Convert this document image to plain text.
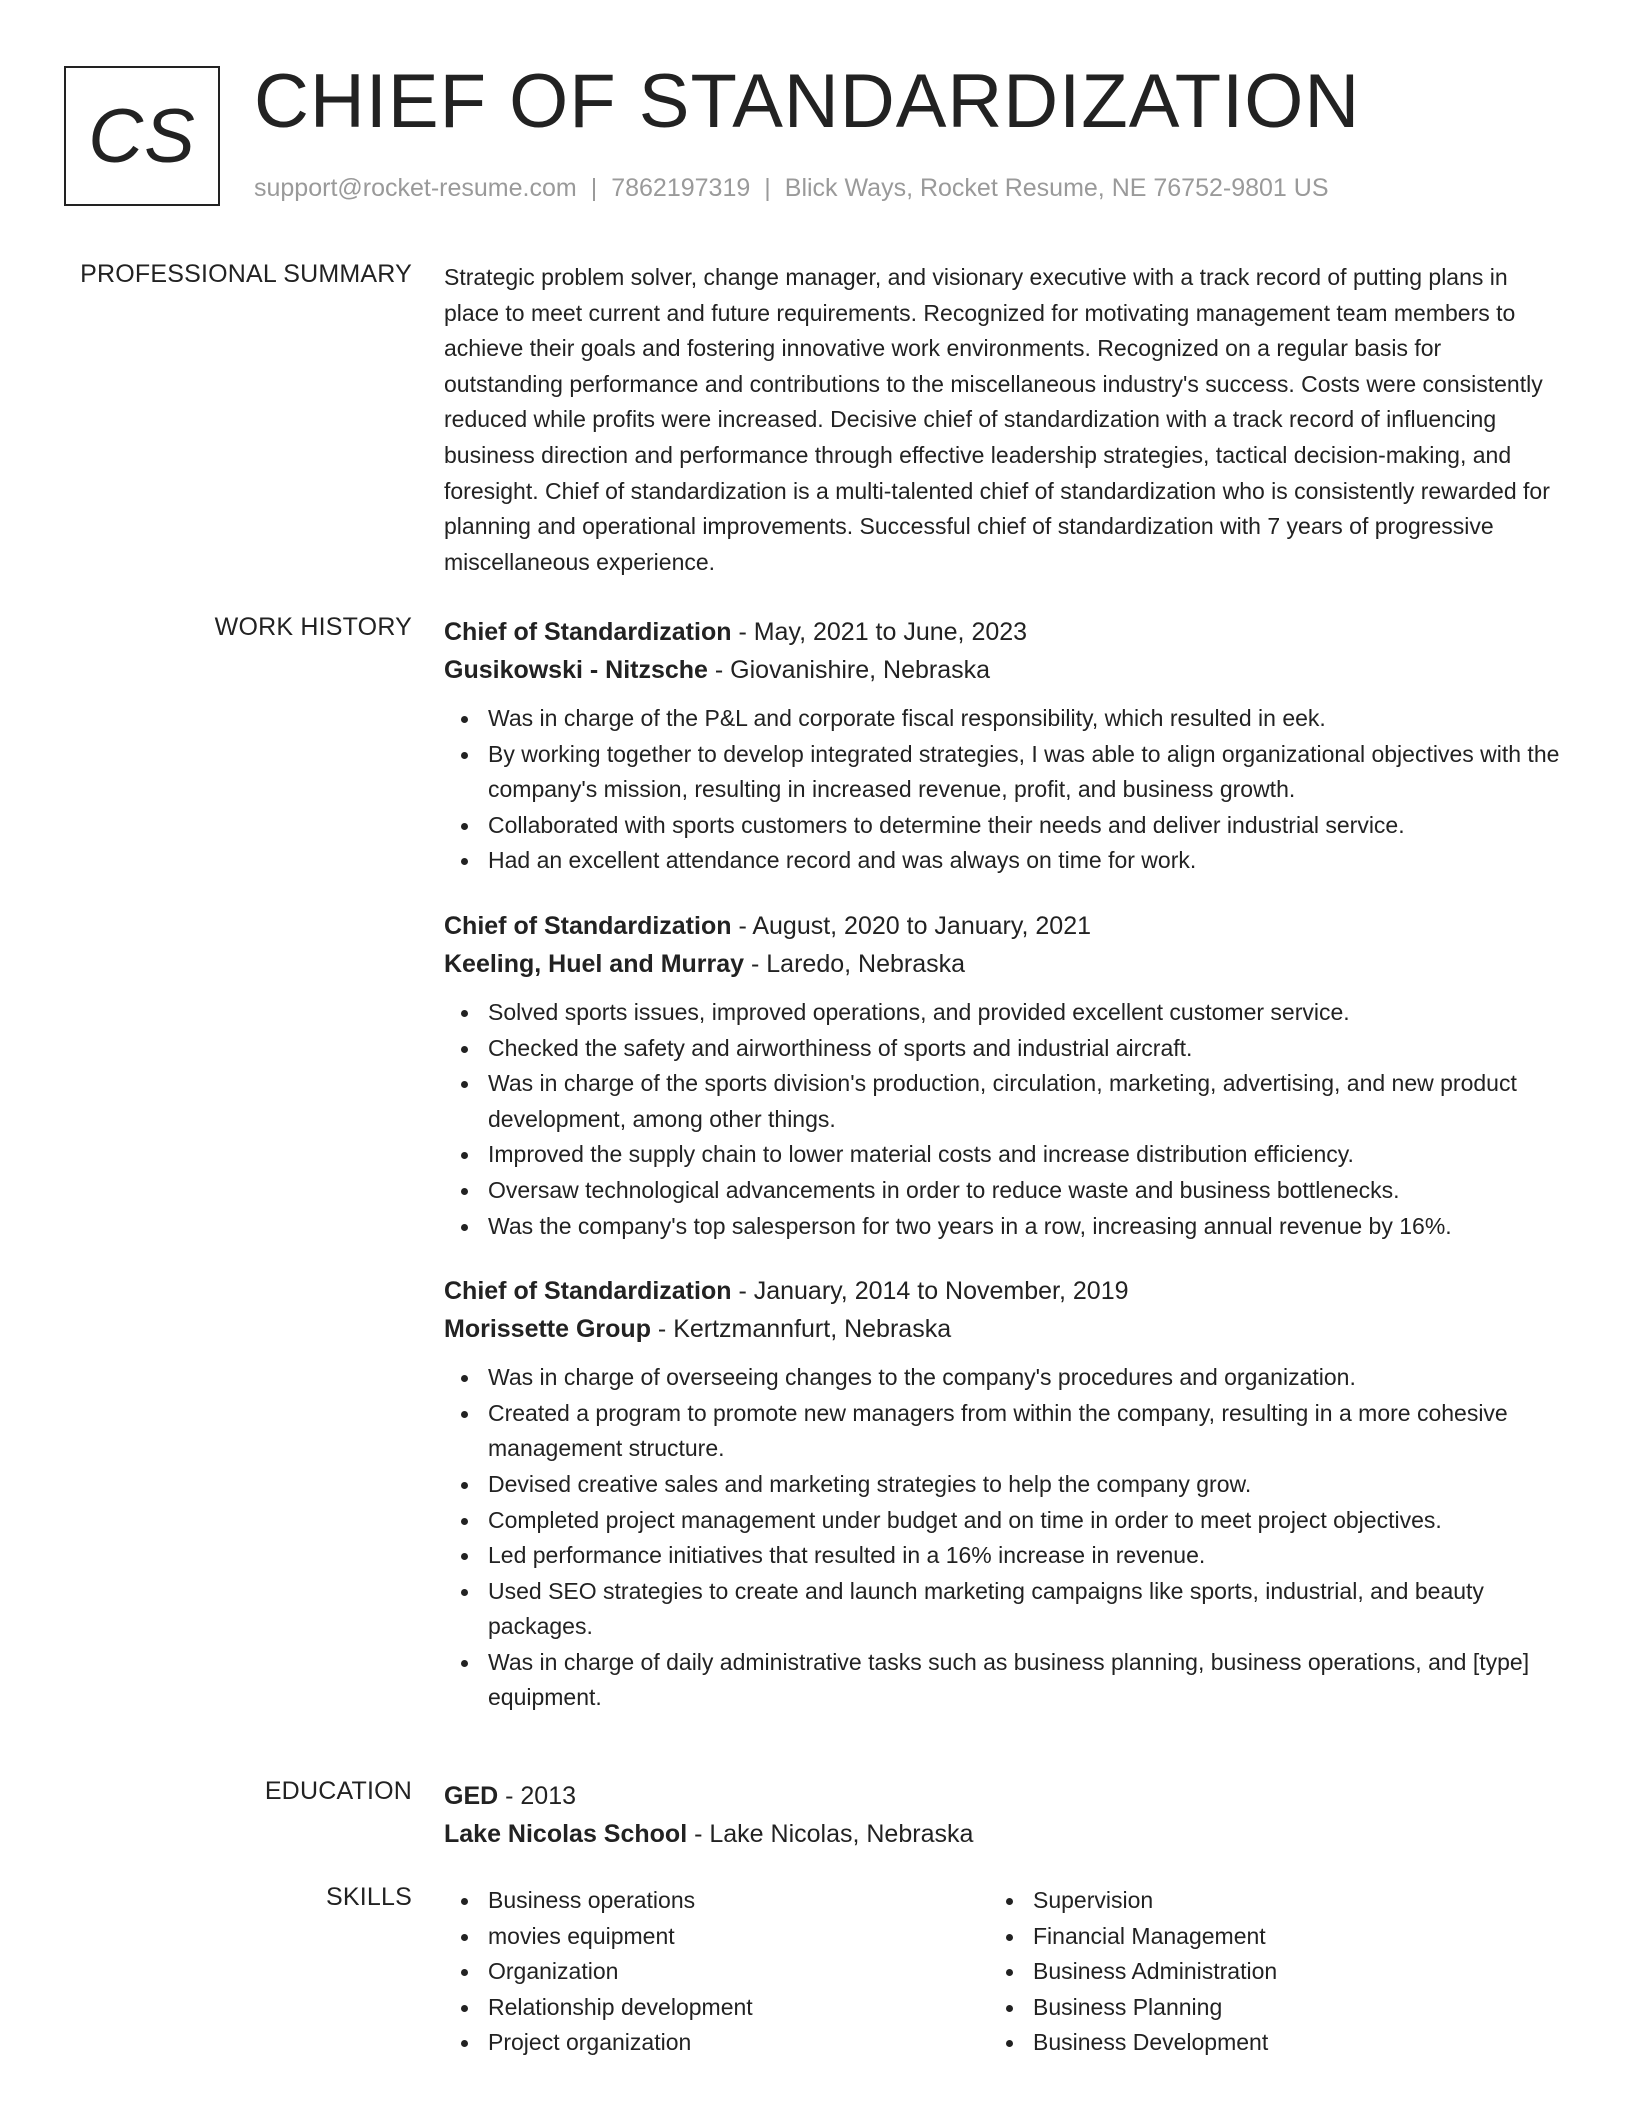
CS CHIEF OF STANDARDIZATION
support@rocket-resume.com | 7862197319 | Blick Ways, Rocket Resume, NE 76752-9801 US
PROFESSIONAL SUMMARY Strategic problem solver, change manager, and visionary executive with a track record of putting plans in place to meet current and future requirements. Recognized for motivating management team members to achieve their goals and fostering innovative work environments. Recognized on a regular basis for outstanding performance and contributions to the miscellaneous industry's success. Costs were consistently reduced while profits were increased. Decisive chief of standardization with a track record of influencing business direction and performance through effective leadership strategies, tactical decision-making, and foresight. Chief of standardization is a multi-talented chief of standardization who is consistently rewarded for planning and operational improvements. Successful chief of standardization with 7 years of progressive miscellaneous experience.

WORK HISTORY Chief of Standardization - May, 2021 to June, 2023
Gusikowski - Nitzsche - Giovanishire, Nebraska
Was in charge of the P&L and corporate fiscal responsibility, which resulted in eek.
By working together to develop integrated strategies, I was able to align organizational objectives with the company's mission, resulting in increased revenue, profit, and business growth.
Collaborated with sports customers to determine their needs and deliver industrial service.
Had an excellent attendance record and was always on time for work.
Chief of Standardization - August, 2020 to January, 2021
Keeling, Huel and Murray - Laredo, Nebraska
Solved sports issues, improved operations, and provided excellent customer service.
Checked the safety and airworthiness of sports and industrial aircraft.
Was in charge of the sports division's production, circulation, marketing, advertising, and new product development, among other things.
Improved the supply chain to lower material costs and increase distribution efficiency.
Oversaw technological advancements in order to reduce waste and business bottlenecks.
Was the company's top salesperson for two years in a row, increasing annual revenue by 16%.
Chief of Standardization - January, 2014 to November, 2019
Morissette Group - Kertzmannfurt, Nebraska
Was in charge of overseeing changes to the company's procedures and organization.
Created a program to promote new managers from within the company, resulting in a more cohesive management structure.
Devised creative sales and marketing strategies to help the company grow.
Completed project management under budget and on time in order to meet project objectives.
Led performance initiatives that resulted in a 16% increase in revenue.
Used SEO strategies to create and launch marketing campaigns like sports, industrial, and beauty packages.
Was in charge of daily administrative tasks such as business planning, business operations, and [type] equipment.
EDUCATION GED - 2013
Lake Nicolas School - Lake Nicolas, Nebraska
SKILLS	Business operations
movies equipment
Organization
Relationship development
Project organization
Supervision
Financial Management
Business Administration
Business Planning
Business Development
